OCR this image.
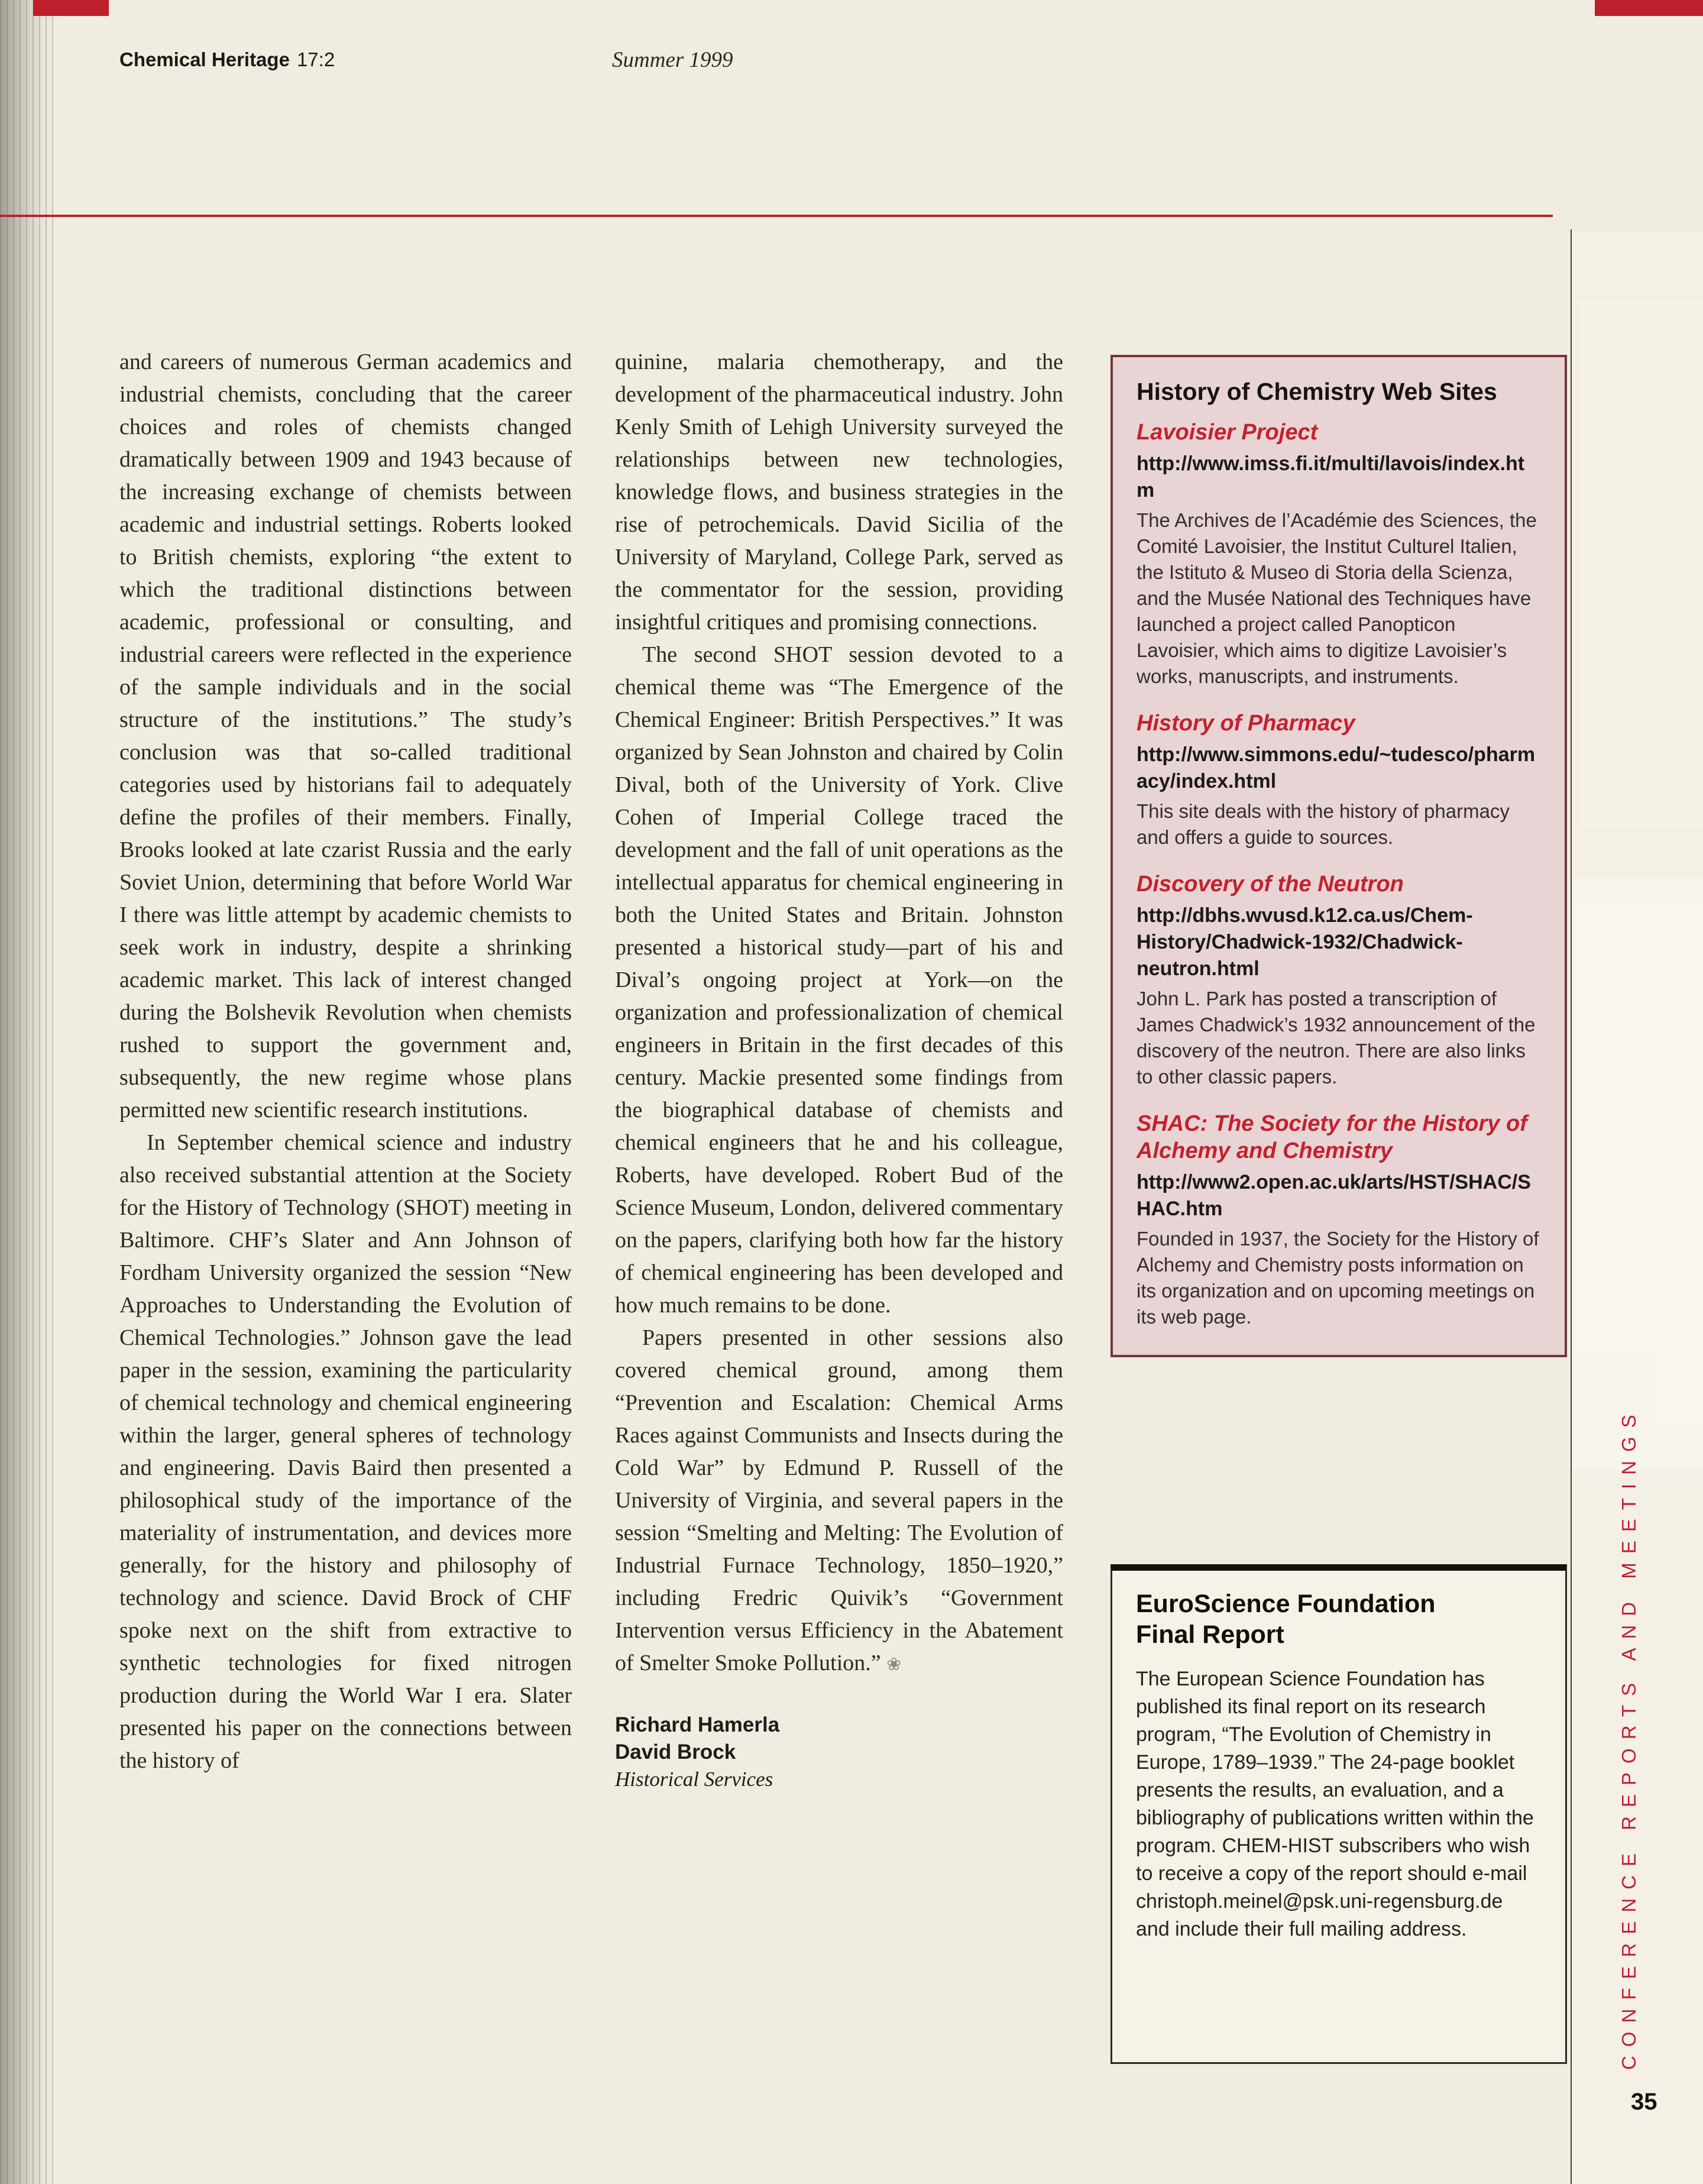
Chemical Heritage 17:2	Summer 1999

and careers of numerous German academics and industrial chemists, concluding that the career choices and roles of chemists changed dramatically between 1909 and 1943 because of the increasing exchange of chemists between academic and industrial settings. Roberts looked to British chemists, exploring “the extent to which the traditional distinctions between academic, professional or consulting, and industrial careers were reflected in the experience of the sample individuals and in the social structure of the institutions.” The study’s conclusion was that so-called traditional categories used by historians fail to adequately define the profiles of their members. Finally, Brooks looked at late czarist Russia and the early Soviet Union, determining that before World War I there was little attempt by academic chemists to seek work in industry, despite a shrinking academic market. This lack of interest changed during the Bolshevik Revolution when chemists rushed to support the government and, subsequently, the new regime whose plans permitted new scientific research institutions.

In September chemical science and industry also received substantial attention at the Society for the History of Technology (SHOT) meeting in Baltimore. CHF’s Slater and Ann Johnson of Fordham University organized the session “New Approaches to Understanding the Evolution of Chemical Technologies.” Johnson gave the lead paper in the session, examining the particularity of chemical technology and chemical engineering within the larger, general spheres of technology and engineering. Davis Baird then presented a philosophical study of the importance of the materiality of instrumentation, and devices more generally, for the history and philosophy of technology and science. David Brock of CHF spoke next on the shift from extractive to synthetic technologies for fixed nitrogen production during the World War I era. Slater presented his paper on the connections between the history of

quinine, malaria chemotherapy, and the development of the pharmaceutical industry. John Kenly Smith of Lehigh University surveyed the relationships between new technologies, knowledge flows, and business strategies in the rise of petrochemicals. David Sicilia of the University of Maryland, College Park, served as the commentator for the session, providing insightful critiques and promising connections.

The second SHOT session devoted to a chemical theme was “The Emergence of the Chemical Engineer: British Perspectives.” It was organized by Sean Johnston and chaired by Colin Dival, both of the University of York. Clive Cohen of Imperial College traced the development and the fall of unit operations as the intellectual apparatus for chemical engineering in both the United States and Britain. Johnston presented a historical study—part of his and Dival’s ongoing project at York—on the organization and professionalization of chemical engineers in Britain in the first decades of this century. Mackie presented some findings from the biographical database of chemists and chemical engineers that he and his colleague, Roberts, have developed. Robert Bud of the Science Museum, London, delivered commentary on the papers, clarifying both how far the history of chemical engineering has been developed and how much remains to be done.

Papers presented in other sessions also covered chemical ground, among them “Prevention and Escalation: Chemical Arms Races against Communists and Insects during the Cold War” by Edmund P. Russell of the University of Virginia, and several papers in the session “Smelting and Melting: The Evolution of Industrial Furnace Technology, 1850–1920,” including Fredric Quivik’s “Government Intervention versus Efficiency in the Abatement of Smelter Smoke Pollution.” ❀

Richard Hamerla
David Brock
Historical Services
History of Chemistry Web Sites
Lavoisier Project
http://www.imss.fi.it/multi/lavois/index.htm

The Archives de l’Académie des Sciences, the Comité Lavoisier, the Institut Culturel Italien, the Istituto & Museo di Storia della Scienza, and the Musée National des Techniques have launched a project called Panopticon Lavoisier, which aims to digitize Lavoisier’s works, manuscripts, and instruments.

History of Pharmacy
http://www.simmons.edu/~tudesco/pharmacy/index.html

This site deals with the history of pharmacy and offers a guide to sources.

Discovery of the Neutron
http://dbhs.wvusd.k12.ca.us/Chem-History/Chadwick-1932/Chadwick-neutron.html

John L. Park has posted a transcription of James Chadwick’s 1932 announcement of the discovery of the neutron. There are also links to other classic papers.

SHAC: The Society for the History of Alchemy and Chemistry
http://www2.open.ac.uk/arts/HST/SHAC/SHAC.htm

Founded in 1937, the Society for the History of Alchemy and Chemistry posts information on its organization and on upcoming meetings on its web page.

EuroScience Foundation
Final Report

The European Science Foundation has published its final report on its research program, “The Evolution of Chemistry in Europe, 1789–1939.” The 24-page booklet presents the results, an evaluation, and a bibliography of publications written within the program. CHEM-HIST subscribers who wish to receive a copy of the report should e-mail christoph.meinel@psk.uni-regensburg.de and include their full mailing address.	CONFERENCE REPORTS AND MEETINGS
35
